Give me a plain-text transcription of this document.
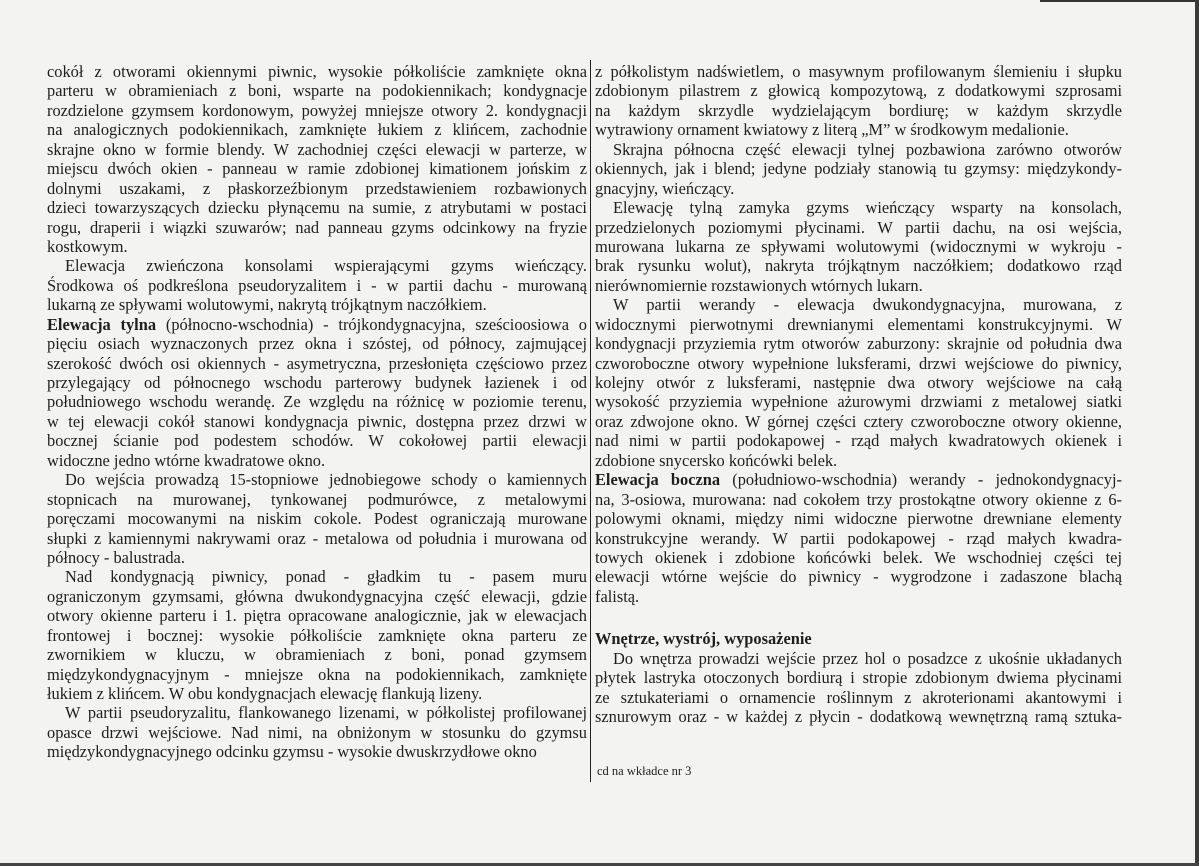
cokół z otworami okiennymi piwnic, wysokie półkoliście zamknięte okna
parteru w obramieniach z boni, wsparte na podokiennikach; kondygnacje
rozdzielone gzymsem kordonowym, powyżej mniejsze otwory 2. kondygnacji
na analogicznych podokiennikach, zamknięte łukiem z klińcem, zachodnie
skrajne okno w formie blendy. W zachodniej części elewacji w parterze, w
miejscu dwóch okien - panneau w ramie zdobionej kimationem jońskim z
dolnymi uszakami, z płaskorzeźbionym przedstawieniem rozbawionych
dzieci towarzyszących dziecku płynącemu na sumie, z atrybutami w postaci
rogu, draperii i wiązki szuwarów; nad panneau gzyms odcinkowy na fryzie
kostkowym.
Elewacja zwieńczona konsolami wspierającymi gzyms wieńczący.
Środkowa oś podkreślona pseudoryzalitem i - w partii dachu - murowaną
lukarną ze spływami wolutowymi, nakrytą trójkątnym naczółkiem.
Elewacja tylna (północno-wschodnia) - trójkondygnacyjna, sześcioosiowa o
pięciu osiach wyznaczonych przez okna i szóstej, od północy, zajmującej
szerokość dwóch osi okiennych - asymetryczna, przesłonięta częściowo przez
przylegający od północnego wschodu parterowy budynek łazienek i od
południowego wschodu werandę. Ze względu na różnicę w poziomie terenu,
w tej elewacji cokół stanowi kondygnacja piwnic, dostępna przez drzwi w
bocznej ścianie pod podestem schodów. W cokołowej partii elewacji
widoczne jedno wtórne kwadratowe okno.
Do wejścia prowadzą 15-stopniowe jednobiegowe schody o kamiennych
stopnicach na murowanej, tynkowanej podmurówce, z metalowymi
poręczami mocowanymi na niskim cokole. Podest ograniczają murowane
słupki z kamiennymi nakrywami oraz - metalowa od południa i murowana od
północy - balustrada.
Nad kondygnacją piwnicy, ponad - gładkim tu - pasem muru
ograniczonym gzymsami, główna dwukondygnacyjna część elewacji, gdzie
otwory okienne parteru i 1. piętra opracowane analogicznie, jak w elewacjach
frontowej i bocznej: wysokie półkoliście zamknięte okna parteru ze
zwornikiem w kluczu, w obramieniach z boni, ponad gzymsem
międzykondygnacyjnym - mniejsze okna na podokiennikach, zamknięte
łukiem z klińcem. W obu kondygnacjach elewację flankują lizeny.
W partii pseudoryzalitu, flankowanego lizenami, w półkolistej profilowanej
opasce drzwi wejściowe. Nad nimi, na obniżonym w stosunku do gzymsu
międzykondygnacyjnego odcinku gzymsu - wysokie dwuskrzydłowe okno
z półkolistym nadświetlem, o masywnym profilowanym ślemieniu i słupku
zdobionym pilastrem z głowicą kompozytową, z dodatkowymi szprosami
na każdym skrzydle wydzielającym bordiurę; w każdym skrzydle
wytrawiony ornament kwiatowy z literą „M” w środkowym medalionie.
Skrajna północna część elewacji tylnej pozbawiona zarówno otworów
okiennych, jak i blend; jedyne podziały stanowią tu gzymsy: międzykondy-
gnacyjny, wieńczący.
Elewację tylną zamyka gzyms wieńczący wsparty na konsolach,
przedzielonych poziomymi płycinami. W partii dachu, na osi wejścia,
murowana lukarna ze spływami wolutowymi (widocznymi w wykroju -
brak rysunku wolut), nakryta trójkątnym naczółkiem; dodatkowo rząd
nierównomiernie rozstawionych wtórnych lukarn.
W partii werandy - elewacja dwukondygnacyjna, murowana, z
widocznymi pierwotnymi drewnianymi elementami konstrukcyjnymi. W
kondygnacji przyziemia rytm otworów zaburzony: skrajnie od południa dwa
czworoboczne otwory wypełnione luksferami, drzwi wejściowe do piwnicy,
kolejny otwór z luksferami, następnie dwa otwory wejściowe na całą
wysokość przyziemia wypełnione ażurowymi drzwiami z metalowej siatki
oraz zdwojone okno. W górnej części cztery czworoboczne otwory okienne,
nad nimi w partii podokapowej - rząd małych kwadratowych okienek i
zdobione snycersko końcówki belek.
Elewacja boczna (południowo-wschodnia) werandy - jednokondygnacyj-
na, 3-osiowa, murowana: nad cokołem trzy prostokątne otwory okienne z 6-
polowymi oknami, między nimi widoczne pierwotne drewniane elementy
konstrukcyjne werandy. W partii podokapowej - rząd małych kwadra-
towych okienek i zdobione końcówki belek. We wschodniej części tej
elewacji wtórne wejście do piwnicy - wygrodzone i zadaszone blachą
falistą.
Wnętrze, wystrój, wyposażenie
Do wnętrza prowadzi wejście przez hol o posadzce z ukośnie układanych
płytek lastryka otoczonych bordiurą i stropie zdobionym dwiema płycinami
ze sztukateriami o ornamencie roślinnym z akroterionami akantowymi i
sznurowym oraz - w każdej z płycin - dodatkową wewnętrzną ramą sztuka-
cd na wkładce nr 3
